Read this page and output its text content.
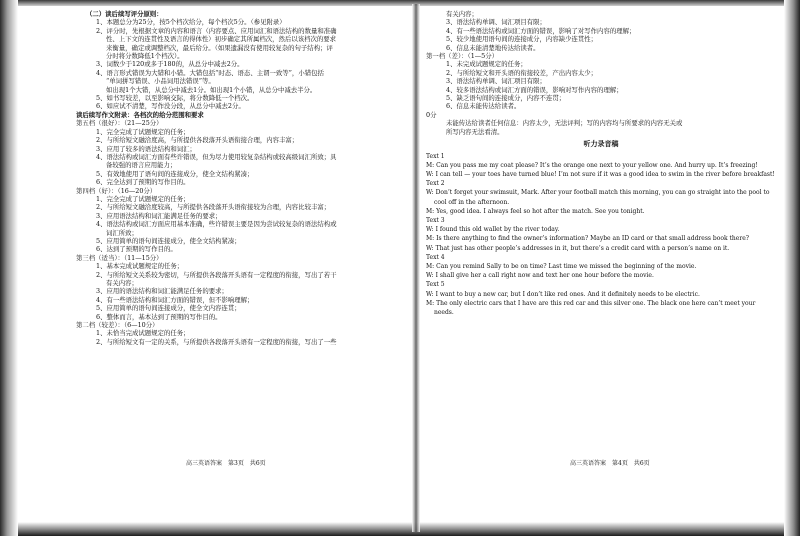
（二）读后续写评分原则：
1、本题总分为25分，按5个档次给分，每个档次5分。（参见附录）
2、评分时，先根据文章的内容和语言（内容要点、应用词汇和语法结构的数量和准确
性、上下文的连贯性及语言的得体性）初步确定其所属档次，然后以该档次的要求
来衡量，确定或调整档次，最后给分。（如果遗漏没有使用较复杂的句子结构；评
分时将分数降低1个档次）。
3、词数少于120或多于180的，从总分中减去2分。
4、语言形式错误为大错和小错。大错包括“时态、语态、主谓一致等”，小错包括
“单词拼写错误、小品词用法错误”等。
如出现1个大错，从总分中减去1分。如出现1个小错，从总分中减去半分。
5、如书写较差，以至影响交际，将分数降低一个档次。
6、如应试不清楚，写作没分段，从总分中减去2分。
读后续写作文附录：各档次的给分范围和要求
第五档（很好）：（21—25分）
1、完全完成了试题规定的任务；
2、与所给短文融洽度高，与所提供各段落开头语衔接合理，内容丰富；
3、应用了较多的语法结构和词汇；
4、语法结构或词汇方面有些许错误，但为尽力使用较复杂结构或较高级词汇所致；具
备较强的语言应用能力；
5、有效地使用了语句间的连接成分，使全文结构紧凑；
6、完全达到了预期的写作目的。
第四档（好）：（16—20分）
1、完全完成了试题规定的任务；
2、与所给短文融洽度较高，与所提供各段落开头语衔接较为合理，内容比较丰富；
3、应用语法结构和词汇能满足任务的要求；
4、语法结构或词汇方面应用基本准确，些许错误主要是因为尝试较复杂的语法结构或
词汇所致；
5、应用简单的语句间连接成分，使全文结构紧凑；
6、达到了预期的写作目的。
第三档（适当）：（11—15分）
1、基本完成试题规定的任务；
2、与所给短文关系较为密切，与所提供各段落开头语有一定程度的衔接，写出了若干
有关内容；
3、应用的语法结构和词汇能满足任务的要求；
4、有一些语法结构和词汇方面的错误，但不影响理解；
5、应用简单的语句间连接成分，使全文内容连贯；
6、整体而言，基本达到了预期的写作目的。
第二档（较差）：（6—10分）
1、未恰当完成试题规定的任务；
2、与所给短文有一定的关系，与所提供各段落开头语有一定程度的衔接，写出了一些
高三英语答案　第3页　共6页
有关内容；
3、语法结构单调、词汇项目有限；
4、有一些语法结构或词汇方面的错误，影响了对写作内容的理解；
5、较少地使用语句间的连接成分，内容缺少连贯性；
6、信息未能清楚地传达给读者。
第一档（差）：（1—5分）
1、未完成试题规定的任务；
2、与所给短文和开头语的衔接较差，产出内容太少；
3、语法结构单调、词汇项目有限；
4、较多语法结构或词汇方面的错误，影响对写作内容的理解；
5、缺乏语句间的连接成分，内容不连贯；
6、信息未能传达给读者。
0分
未能传达给读者任何信息：内容太少，无法评判；写的内容均与所要求的内容无关或
所写内容无法看清。
听力录音稿
Text 1
M: Can you pass me my coat please? It’s the orange one next to your yellow one. And hurry up. It’s freezing!
W: I can tell — your toes have turned blue! I’m not sure if it was a good idea to swim in the river before breakfast!
Text 2
W: Don’t forget your swimsuit, Mark. After your football match this morning, you can go straight into the pool to cool off in the afternoon.
M: Yes, good idea. I always feel so hot after the match. See you tonight.
Text 3
W: I found this old wallet by the river today.
M: Is there anything to find the owner’s information? Maybe an ID card or that small address book there?
W: That just has other people’s addresses in it, but there’s a credit card with a person’s name on it.
Text 4
M: Can you remind Sally to be on time? Last time we missed the beginning of the movie.
W: I shall give her a call right now and text her one hour before the movie.
Text 5
W: I want to buy a new car, but I don’t like red ones. And it definitely needs to be electric.
M: The only electric cars that I have are this red car and this silver one. The black one here can’t meet your needs.
高三英语答案　第4页　共6页
